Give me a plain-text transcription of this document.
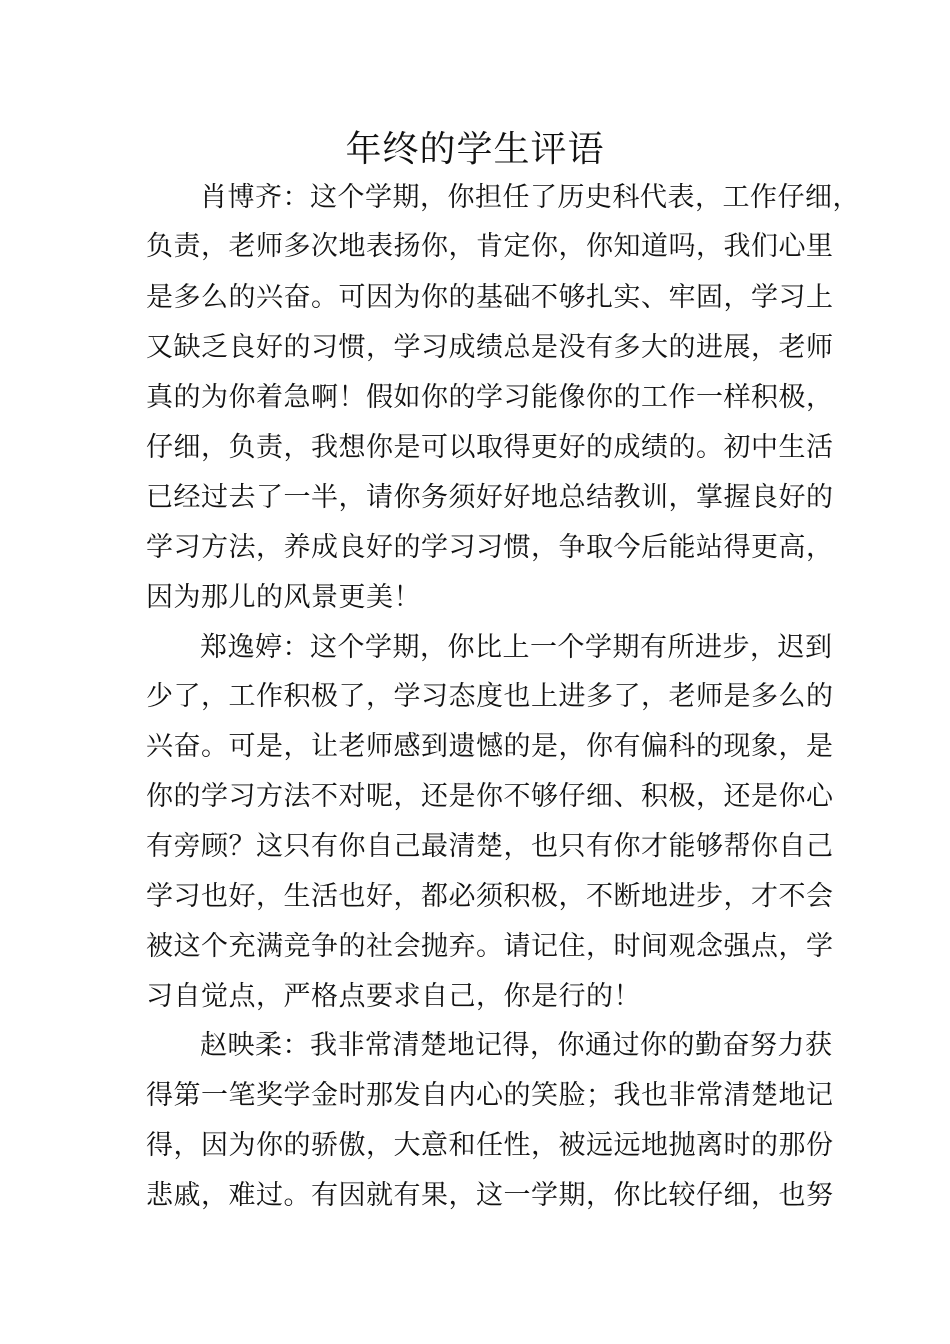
年终的学生评语
肖博齐：这个学期，你担任了历史科代表，工作仔细，
负责，老师多次地表扬你，肯定你，你知道吗，我们心里
是多么的兴奋。可因为你的基础不够扎实、牢固，学习上
又缺乏良好的习惯，学习成绩总是没有多大的进展，老师
真的为你着急啊！假如你的学习能像你的工作一样积极，
仔细，负责，我想你是可以取得更好的成绩的。初中生活
已经过去了一半，请你务须好好地总结教训，掌握良好的
学习方法，养成良好的学习习惯，争取今后能站得更高，
因为那儿的风景更美！
郑逸婷：这个学期，你比上一个学期有所进步，迟到
少了，工作积极了，学习态度也上进多了，老师是多么的
兴奋。可是，让老师感到遗憾的是，你有偏科的现象，是
你的学习方法不对呢，还是你不够仔细、积极，还是你心
有旁顾？这只有你自己最清楚，也只有你才能够帮你自己
学习也好，生活也好，都必须积极，不断地进步，才不会
被这个充满竞争的社会抛弃。请记住，时间观念强点，学
习自觉点，严格点要求自己，你是行的！
赵映柔：我非常清楚地记得，你通过你的勤奋努力获
得第一笔奖学金时那发自内心的笑脸；我也非常清楚地记
得，因为你的骄傲，大意和任性，被远远地抛离时的那份
悲戚，难过。有因就有果，这一学期，你比较仔细，也努
